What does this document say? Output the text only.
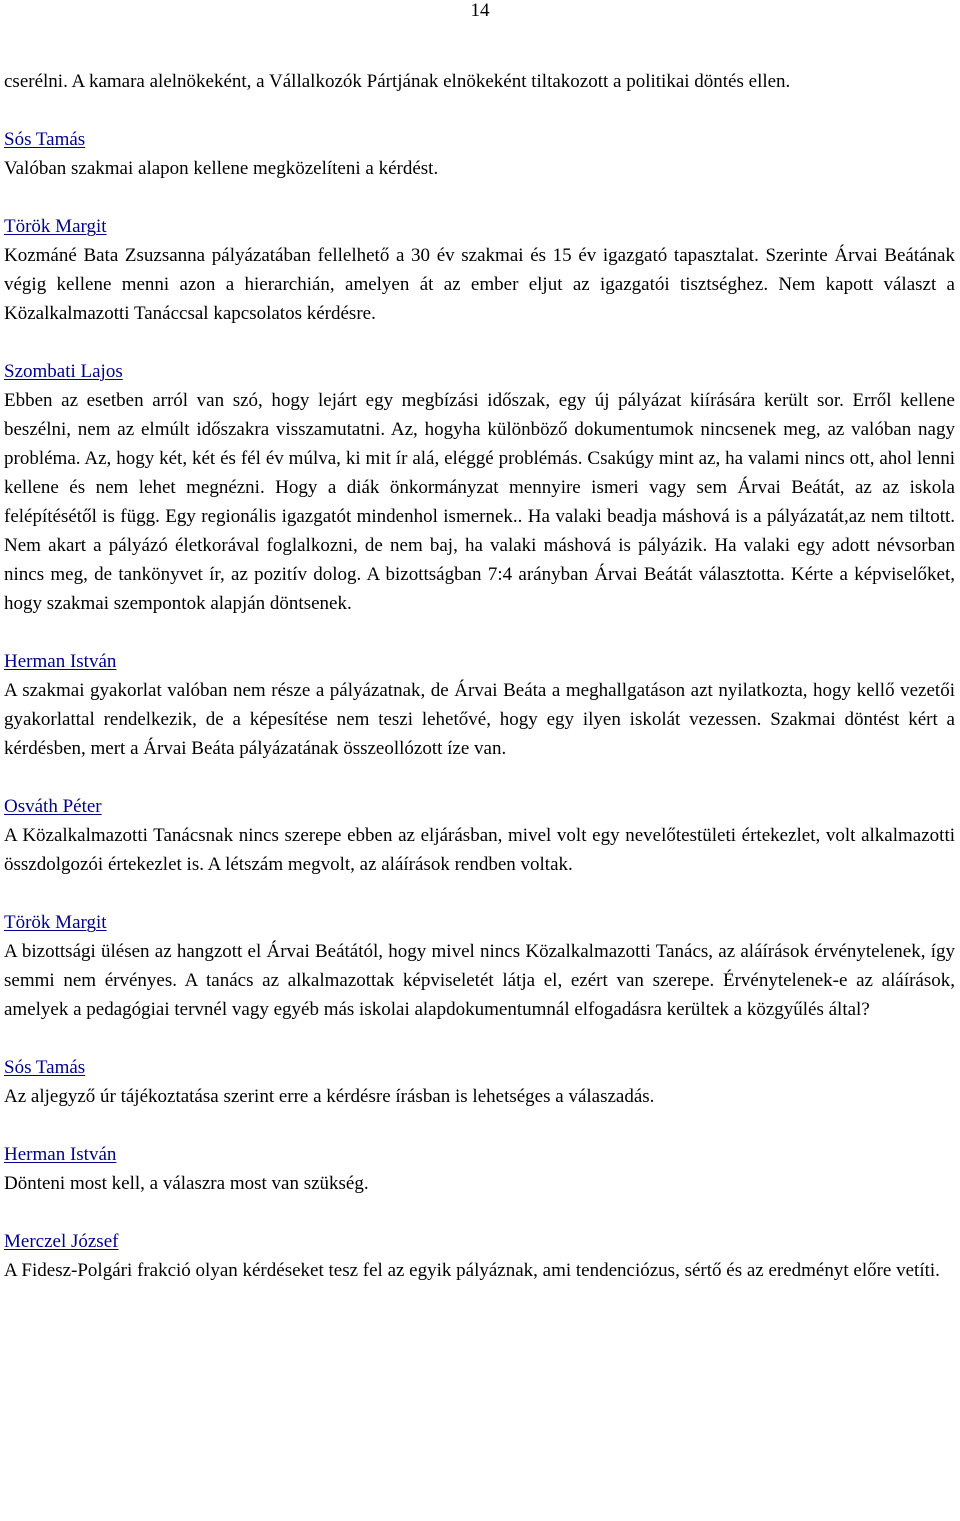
14

cserélni. A kamara alelnökeként, a Vállalkozók Pártjának elnökeként tiltakozott a politikai döntés ellen.

Sós Tamás

Valóban szakmai alapon kellene megközelíteni a kérdést.

Török Margit

Kozmáné Bata Zsuzsanna pályázatában fellelhető a 30 év szakmai és 15 év igazgató tapasztalat. Szerinte Árvai Beátának végig kellene menni azon a hierarchián, amelyen át az ember eljut az igazgatói tisztséghez. Nem kapott választ a Közalkalmazotti Tanáccsal kapcsolatos kérdésre.

Szombati Lajos

Ebben az esetben arról van szó, hogy lejárt egy megbízási időszak, egy új pályázat kiírására került sor. Erről kellene beszélni, nem az elmúlt időszakra visszamutatni. Az, hogyha különböző dokumentumok nincsenek meg, az valóban nagy probléma. Az, hogy két, két és fél év múlva, ki mit ír alá, eléggé problémás. Csakúgy mint az, ha valami nincs ott, ahol lenni kellene és nem lehet megnézni. Hogy a diák önkormányzat mennyire ismeri vagy sem Árvai Beátát, az az iskola felépítésétől is függ. Egy regionális igazgatót mindenhol ismernek.. Ha valaki beadja máshová is a pályázatát,az nem tiltott. Nem akart a pályázó életkorával foglalkozni, de nem baj, ha valaki máshová is pályázik. Ha valaki egy adott névsorban nincs meg, de tankönyvet ír, az pozitív dolog. A bizottságban 7:4 arányban Árvai Beátát választotta. Kérte a képviselőket, hogy szakmai szempontok alapján döntsenek.

Herman István

A szakmai gyakorlat valóban nem része a pályázatnak, de Árvai Beáta a meghallgatáson azt nyilatkozta, hogy kellő vezetői gyakorlattal rendelkezik, de a képesítése nem teszi lehetővé, hogy egy ilyen iskolát vezessen. Szakmai döntést kért a kérdésben, mert a Árvai Beáta pályázatának összeollózott íze van.

Osváth Péter

A Közalkalmazotti Tanácsnak nincs szerepe ebben az eljárásban, mivel volt egy nevelőtestületi értekezlet, volt alkalmazotti összdolgozói értekezlet is. A létszám megvolt, az aláírások rendben voltak.

Török Margit

A bizottsági ülésen az hangzott el Árvai Beátától, hogy mivel nincs Közalkalmazotti Tanács, az aláírások érvénytelenek, így semmi nem érvényes. A tanács az alkalmazottak képviseletét látja el, ezért van szerepe. Érvénytelenek-e az aláírások, amelyek a pedagógiai tervnél vagy egyéb más iskolai alapdokumentumnál elfogadásra kerültek a közgyűlés által?

Sós Tamás

Az aljegyző úr tájékoztatása szerint erre a kérdésre írásban is lehetséges a válaszadás.

Herman István

Dönteni most kell, a válaszra most van szükség.

Merczel József

A Fidesz-Polgári frakció olyan kérdéseket tesz fel az egyik pályáznak, ami tendenciózus, sértő és az eredményt előre vetíti.
